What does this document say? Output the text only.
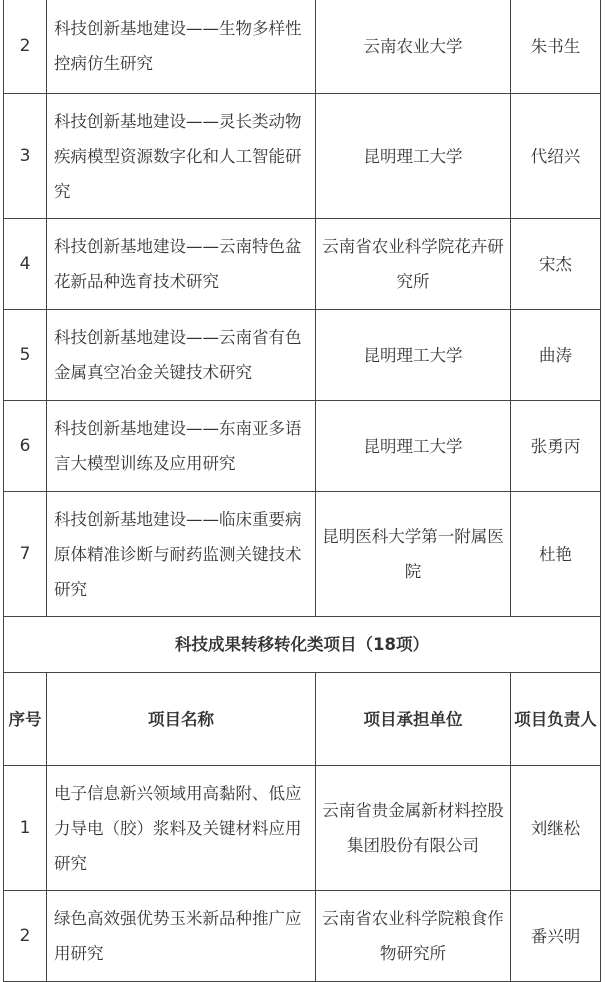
2	科技创新基地建设——生物多样性控病仿生研究	云南农业大学	朱书生
3	科技创新基地建设——灵长类动物疾病模型资源数字化和人工智能研究	昆明理工大学	代绍兴
4	科技创新基地建设——云南特色盆花新品种选育技术研究	云南省农业科学院花卉研究所	宋杰
5	科技创新基地建设——云南省有色金属真空冶金关键技术研究	昆明理工大学	曲涛
6	科技创新基地建设——东南亚多语言大模型训练及应用研究	昆明理工大学	张勇丙
7	科技创新基地建设——临床重要病原体精准诊断与耐药监测关键技术研究	昆明医科大学第一附属医院	杜艳
科技成果转移转化类项目（18项）			
序号	项目名称	项目承担单位	项目负责人
1	电子信息新兴领域用高黏附、低应力导电（胶）浆料及关键材料应用研究	云南省贵金属新材料控股集团股份有限公司	刘继松
2	绿色高效强优势玉米新品种推广应用研究	云南省农业科学院粮食作物研究所	番兴明
